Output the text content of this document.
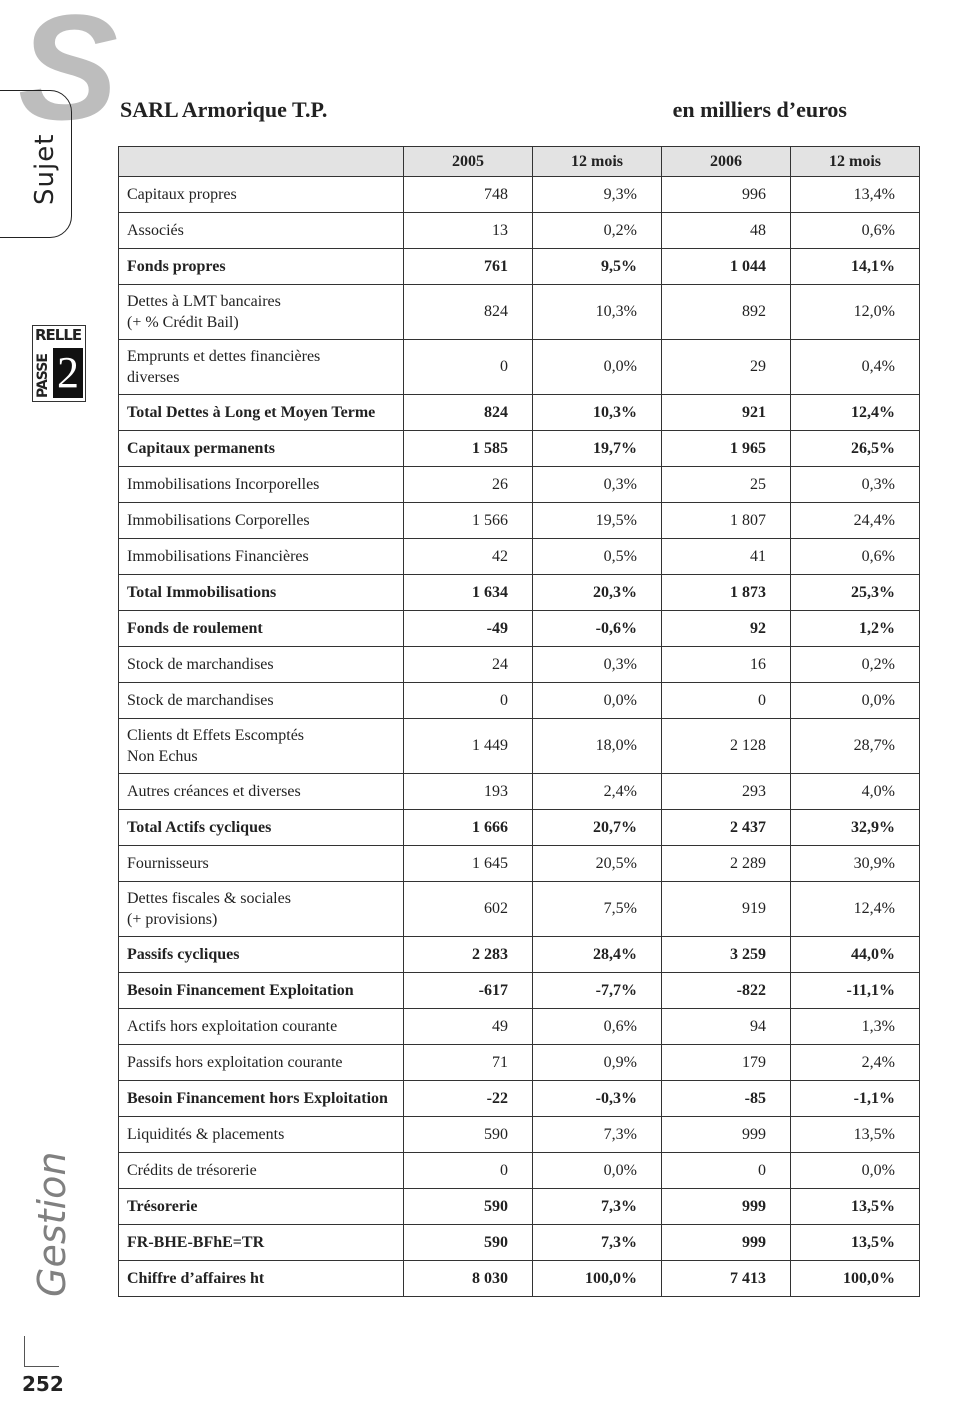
S
Sujet
RELLE
PASSE 2
Gestion
252
SARL Armorique T.P.	en milliers d’euros
	2005	12 mois	2006	12 mois
Capitaux propres	748	9,3%	996	13,4%
Associés	13	0,2%	48	0,6%
Fonds propres	761	9,5%	1 044	14,1%
Dettes à LMT bancaires
(+ % Crédit Bail)	824	10,3%	892	12,0%
Emprunts et dettes financières
diverses	0	0,0%	29	0,4%
Total Dettes à Long et Moyen Terme	824	10,3%	921	12,4%
Capitaux permanents	1 585	19,7%	1 965	26,5%
Immobilisations Incorporelles	26	0,3%	25	0,3%
Immobilisations Corporelles	1 566	19,5%	1 807	24,4%
Immobilisations Financières	42	0,5%	41	0,6%
Total Immobilisations	1 634	20,3%	1 873	25,3%
Fonds de roulement	-49	-0,6%	92	1,2%
Stock de marchandises	24	0,3%	16	0,2%
Stock de marchandises	0	0,0%	0	0,0%
Clients dt Effets Escomptés
Non Echus	1 449	18,0%	2 128	28,7%
Autres créances et diverses	193	2,4%	293	4,0%
Total Actifs cycliques	1 666	20,7%	2 437	32,9%
Fournisseurs	1 645	20,5%	2 289	30,9%
Dettes fiscales & sociales
(+ provisions)	602	7,5%	919	12,4%
Passifs cycliques	2 283	28,4%	3 259	44,0%
Besoin Financement Exploitation	-617	-7,7%	-822	-11,1%
Actifs hors exploitation courante	49	0,6%	94	1,3%
Passifs hors exploitation courante	71	0,9%	179	2,4%
Besoin Financement hors Exploitation	-22	-0,3%	-85	-1,1%
Liquidités & placements	590	7,3%	999	13,5%
Crédits de trésorerie	0	0,0%	0	0,0%
Trésorerie	590	7,3%	999	13,5%
FR-BHE-BFhE=TR	590	7,3%	999	13,5%
Chiffre d’affaires ht	8 030	100,0%	7 413	100,0%
